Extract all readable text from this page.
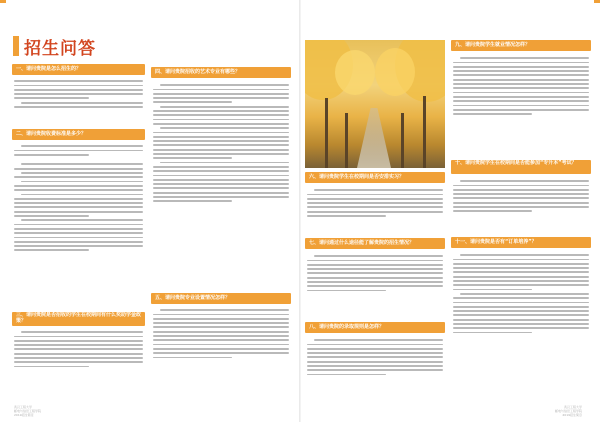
招生问答
一、请问贵院是怎么招生的？
二、请问贵院收费标准是多少？
三、请问贵院是否招收的学生在校期间有什么奖助学金政策？
四、请问贵院招收的艺术专业有哪些？
五、请问贵院专业设置情况怎样？
六、请问贵院学生在校期间是否安排实习？
七、请问通过什么途径能了解贵院的招生情况？
八、请问贵院的录取规则是怎样？
九、请问贵院学生就业情况怎样？
十、请问贵院学生在校期间是否能参加“专升本”考试？
十一、请问贵院是否有“订单培养”？
武汉工程大学
邮电与信息工程学院
2019招生简章
武汉工程大学
邮电与信息工程学院
2019招生简章
